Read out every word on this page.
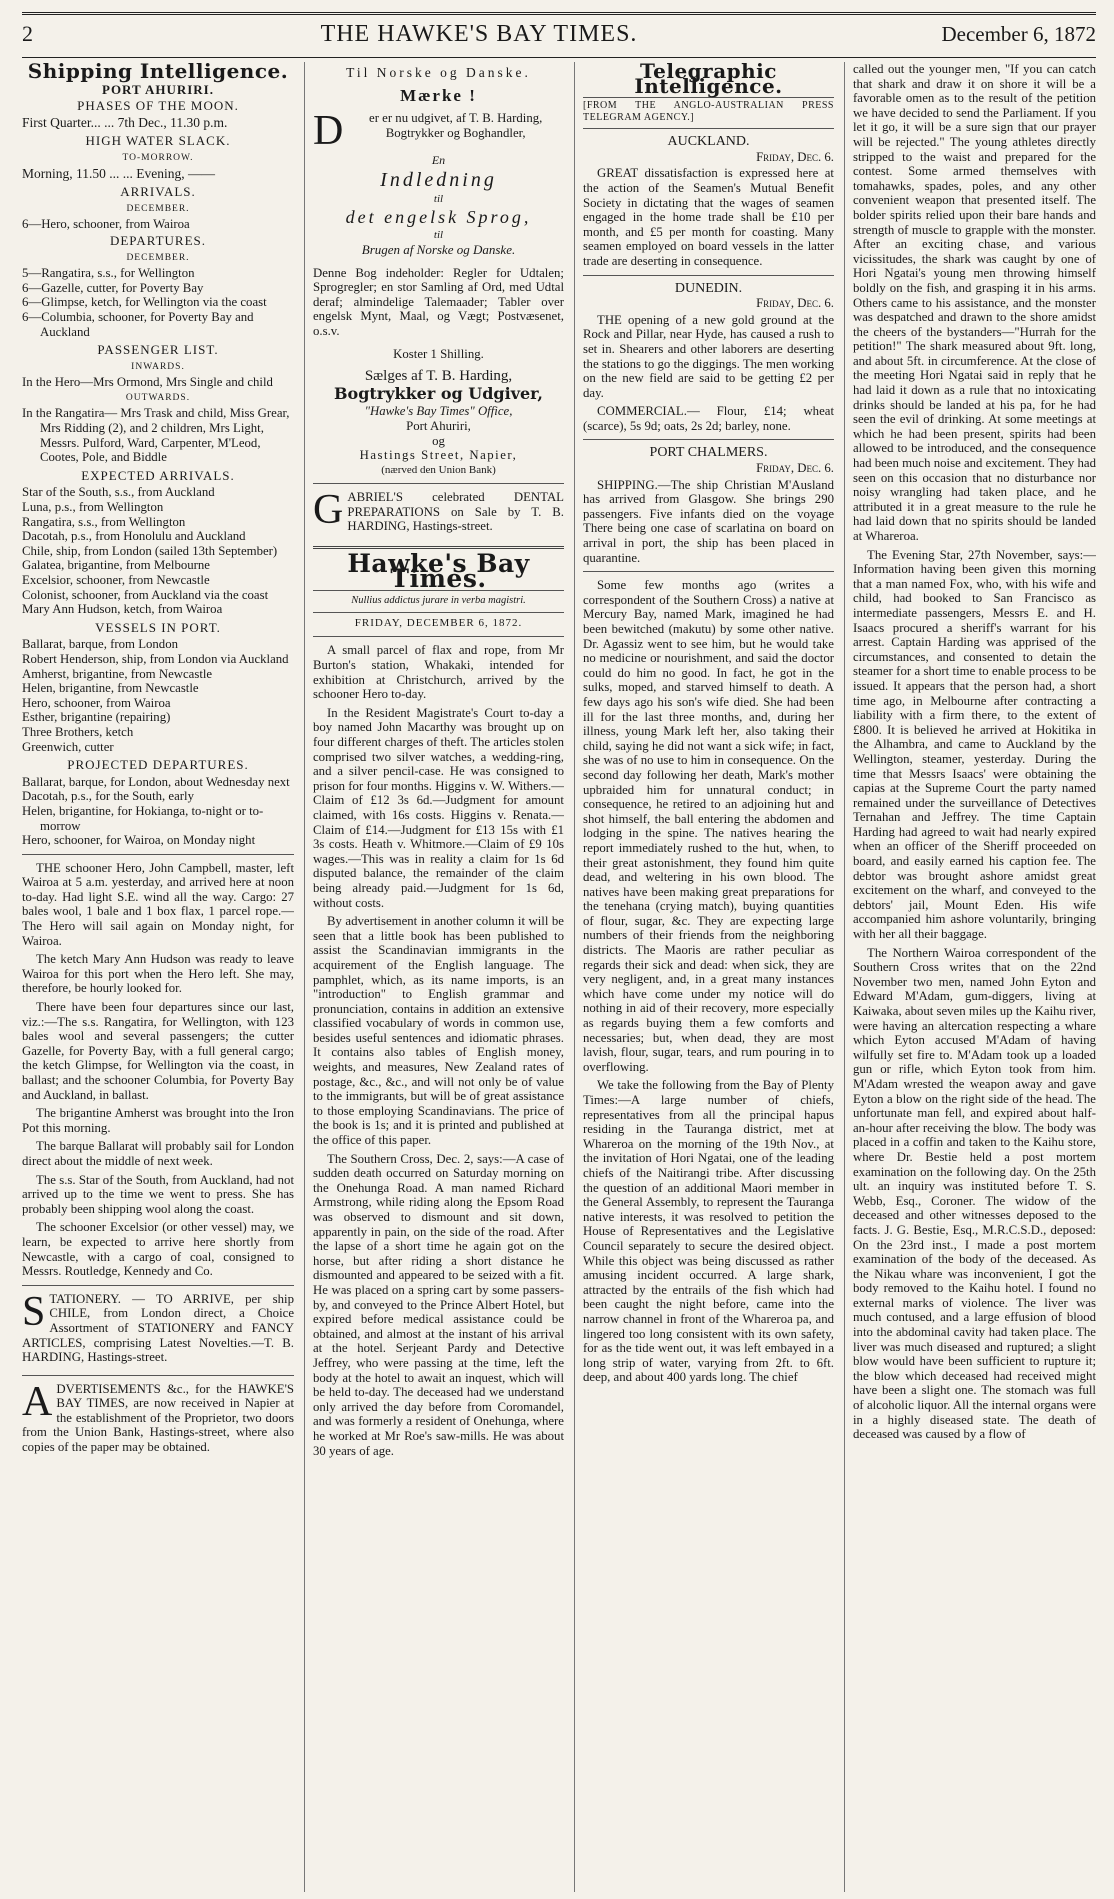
2	THE HAWKE'S BAY TIMES.	December 6, 1872
Shipping Intelligence.
PORT AHURIRI.
PHASES OF THE MOON.

First Quarter... ... 7th Dec., 11.30 p.m.

HIGH WATER SLACK.
TO-MORROW.

Morning, 11.50 ... ... Evening, ——

ARRIVALS.
DECEMBER.

6—Hero, schooner, from Wairoa

DEPARTURES.
DECEMBER.

5—Rangatira, s.s., for Wellington

6—Gazelle, cutter, for Poverty Bay

6—Glimpse, ketch, for Wellington via the coast

6—Columbia, schooner, for Poverty Bay and Auckland

PASSENGER LIST.
INWARDS.

In the Hero—Mrs Ormond, Mrs Single and child

OUTWARDS.

In the Rangatira— Mrs Trask and child, Miss Grear, Mrs Ridding (2), and 2 children, Mrs Light, Messrs. Pulford, Ward, Carpenter, M'Leod, Cootes, Pole, and Biddle

EXPECTED ARRIVALS.

Star of the South, s.s., from Auckland

Luna, p.s., from Wellington

Rangatira, s.s., from Wellington

Dacotah, p.s., from Honolulu and Auckland

Chile, ship, from London (sailed 13th September)

Galatea, brigantine, from Melbourne

Excelsior, schooner, from Newcastle

Colonist, schooner, from Auckland via the coast

Mary Ann Hudson, ketch, from Wairoa

VESSELS IN PORT.

Ballarat, barque, from London

Robert Henderson, ship, from London via Auckland

Amherst, brigantine, from Newcastle

Helen, brigantine, from Newcastle

Hero, schooner, from Wairoa

Esther, brigantine (repairing)

Three Brothers, ketch

Greenwich, cutter

PROJECTED DEPARTURES.

Ballarat, barque, for London, about Wednesday next

Dacotah, p.s., for the South, early

Helen, brigantine, for Hokianga, to-night or to-morrow

Hero, schooner, for Wairoa, on Monday night

THE schooner Hero, John Campbell, master, left Wairoa at 5 a.m. yesterday, and arrived here at noon to-day. Had light S.E. wind all the way. Cargo: 27 bales wool, 1 bale and 1 box flax, 1 parcel rope.—The Hero will sail again on Monday night, for Wairoa.

The ketch Mary Ann Hudson was ready to leave Wairoa for this port when the Hero left. She may, therefore, be hourly looked for.

There have been four departures since our last, viz.:—The s.s. Rangatira, for Wellington, with 123 bales wool and several passengers; the cutter Gazelle, for Poverty Bay, with a full general cargo; the ketch Glimpse, for Wellington via the coast, in ballast; and the schooner Columbia, for Poverty Bay and Auckland, in ballast.

The brigantine Amherst was brought into the Iron Pot this morning.

The barque Ballarat will probably sail for London direct about the middle of next week.

The s.s. Star of the South, from Auckland, had not arrived up to the time we went to press. She has probably been shipping wool along the coast.

The schooner Excelsior (or other vessel) may, we learn, be expected to arrive here shortly from Newcastle, with a cargo of coal, consigned to Messrs. Routledge, Kennedy and Co.

S TATIONERY. — TO ARRIVE, per ship CHILE, from London direct, a Choice Assortment of STATIONERY and FANCY ARTICLES, comprising Latest Novelties.—T. B. HARDING, Hastings-street.

A DVERTISEMENTS &c., for the HAWKE'S BAY TIMES, are now received in Napier at the establishment of the Proprietor, two doors from the Union Bank, Hastings-street, where also copies of the paper may be obtained.

Til Norske og Danske.
Mærke !
D	er er nu udgivet, af T. B. Harding, Bogtrykker og Boghandler,

En
Indledning
til
det engelsk Sprog,
til
Brugen af Norske og Danske.

Denne Bog indeholder: Regler for Udtalen; Sprogregler; en stor Samling af Ord, med Udtal deraf; almindelige Talemaader; Tabler over engelsk Mynt, Maal, og Vægt; Postvæsenet, o.s.v.

Koster 1 Shilling.
Sælges af T. B. Harding,
Bogtrykker og Udgiver,
"Hawke's Bay Times" Office,
Port Ahuriri,
og
Hastings Street, Napier,
(nærved den Union Bank)
G ABRIEL'S celebrated DENTAL PREPARATIONS on Sale by T. B. HARDING, Hastings-street.

Hawke's Bay Times.
Nullius addictus jurare in verba magistri.
FRIDAY, DECEMBER 6, 1872.

A small parcel of flax and rope, from Mr Burton's station, Whakaki, intended for exhibition at Christchurch, arrived by the schooner Hero to-day.

In the Resident Magistrate's Court to-day a boy named John Macarthy was brought up on four different charges of theft. The articles stolen comprised two silver watches, a wedding-ring, and a silver pencil-case. He was consigned to prison for four months. Higgins v. W. Withers.—Claim of £12 3s 6d.—Judgment for amount claimed, with 16s costs. Higgins v. Renata.—Claim of £14.—Judgment for £13 15s with £1 3s costs. Heath v. Whitmore.—Claim of £9 10s wages.—This was in reality a claim for 1s 6d disputed balance, the remainder of the claim being already paid.—Judgment for 1s 6d, without costs.

By advertisement in another column it will be seen that a little book has been published to assist the Scandinavian immigrants in the acquirement of the English language. The pamphlet, which, as its name imports, is an "introduction" to English grammar and pronunciation, contains in addition an extensive classified vocabulary of words in common use, besides useful sentences and idiomatic phrases. It contains also tables of English money, weights, and measures, New Zealand rates of postage, &c., &c., and will not only be of value to the immigrants, but will be of great assistance to those employing Scandinavians. The price of the book is 1s; and it is printed and published at the office of this paper.

The Southern Cross, Dec. 2, says:—A case of sudden death occurred on Saturday morning on the Onehunga Road. A man named Richard Armstrong, while riding along the Epsom Road was observed to dismount and sit down, apparently in pain, on the side of the road. After the lapse of a short time he again got on the horse, but after riding a short distance he dismounted and appeared to be seized with a fit. He was placed on a spring cart by some passers-by, and conveyed to the Prince Albert Hotel, but expired before medical assistance could be obtained, and almost at the instant of his arrival at the hotel. Serjeant Pardy and Detective Jeffrey, who were passing at the time, left the body at the hotel to await an inquest, which will be held to-day. The deceased had we understand only arrived the day before from Coromandel, and was formerly a resident of Onehunga, where he worked at Mr Roe's saw-mills. He was about 30 years of age.

Telegraphic Intelligence.

[FROM THE ANGLO-AUSTRALIAN PRESS TELEGRAM AGENCY.]

AUCKLAND.

Friday, Dec. 6.

GREAT dissatisfaction is expressed here at the action of the Seamen's Mutual Benefit Society in dictating that the wages of seamen engaged in the home trade shall be £10 per month, and £5 per month for coasting. Many seamen employed on board vessels in the latter trade are deserting in consequence.

DUNEDIN.

Friday, Dec. 6.

THE opening of a new gold ground at the Rock and Pillar, near Hyde, has caused a rush to set in. Shearers and other laborers are deserting the stations to go the diggings. The men working on the new field are said to be getting £2 per day.

COMMERCIAL.— Flour, £14; wheat (scarce), 5s 9d; oats, 2s 2d; barley, none.

PORT CHALMERS.

Friday, Dec. 6.

SHIPPING.—The ship Christian M'Ausland has arrived from Glasgow. She brings 290 passengers. Five infants died on the voyage There being one case of scarlatina on board on arrival in port, the ship has been placed in quarantine.

Some few months ago (writes a correspondent of the Southern Cross) a native at Mercury Bay, named Mark, imagined he had been bewitched (makutu) by some other native. Dr. Agassiz went to see him, but he would take no medicine or nourishment, and said the doctor could do him no good. In fact, he got in the sulks, moped, and starved himself to death. A few days ago his son's wife died. She had been ill for the last three months, and, during her illness, young Mark left her, also taking their child, saying he did not want a sick wife; in fact, she was of no use to him in consequence. On the second day following her death, Mark's mother upbraided him for unnatural conduct; in consequence, he retired to an adjoining hut and shot himself, the ball entering the abdomen and lodging in the spine. The natives hearing the report immediately rushed to the hut, when, to their great astonishment, they found him quite dead, and weltering in his own blood. The natives have been making great preparations for the tenehana (crying match), buying quantities of flour, sugar, &c. They are expecting large numbers of their friends from the neighboring districts. The Maoris are rather peculiar as regards their sick and dead: when sick, they are very negligent, and, in a great many instances which have come under my notice will do nothing in aid of their recovery, more especially as regards buying them a few comforts and necessaries; but, when dead, they are most lavish, flour, sugar, tears, and rum pouring in to overflowing.

We take the following from the Bay of Plenty Times:—A large number of chiefs, representatives from all the principal hapus residing in the Tauranga district, met at Whareroa on the morning of the 19th Nov., at the invitation of Hori Ngatai, one of the leading chiefs of the Naitirangi tribe. After discussing the question of an additional Maori member in the General Assembly, to represent the Tauranga native interests, it was resolved to petition the House of Representatives and the Legislative Council separately to secure the desired object. While this object was being discussed as rather amusing incident occurred. A large shark, attracted by the entrails of the fish which had been caught the night before, came into the narrow channel in front of the Whareroa pa, and lingered too long consistent with its own safety, for as the tide went out, it was left embayed in a long strip of water, varying from 2ft. to 6ft. deep, and about 400 yards long. The chief

called out the younger men, "If you can catch that shark and draw it on shore it will be a favorable omen as to the result of the petition we have decided to send the Parliament. If you let it go, it will be a sure sign that our prayer will be rejected." The young athletes directly stripped to the waist and prepared for the contest. Some armed themselves with tomahawks, spades, poles, and any other convenient weapon that presented itself. The bolder spirits relied upon their bare hands and strength of muscle to grapple with the monster. After an exciting chase, and various vicissitudes, the shark was caught by one of Hori Ngatai's young men throwing himself boldly on the fish, and grasping it in his arms. Others came to his assistance, and the monster was despatched and drawn to the shore amidst the cheers of the bystanders—"Hurrah for the petition!" The shark measured about 9ft. long, and about 5ft. in circumference. At the close of the meeting Hori Ngatai said in reply that he had laid it down as a rule that no intoxicating drinks should be landed at his pa, for he had seen the evil of drinking. At some meetings at which he had been present, spirits had been allowed to be introduced, and the consequence had been much noise and excitement. They had seen on this occasion that no disturbance nor noisy wrangling had taken place, and he attributed it in a great measure to the rule he had laid down that no spirits should be landed at Whareroa.

The Evening Star, 27th November, says:—Information having been given this morning that a man named Fox, who, with his wife and child, had booked to San Francisco as intermediate passengers, Messrs E. and H. Isaacs procured a sheriff's warrant for his arrest. Captain Harding was apprised of the circumstances, and consented to detain the steamer for a short time to enable process to be issued. It appears that the person had, a short time ago, in Melbourne after contracting a liability with a firm there, to the extent of £800. It is believed he arrived at Hokitika in the Alhambra, and came to Auckland by the Wellington, steamer, yesterday. During the time that Messrs Isaacs' were obtaining the capias at the Supreme Court the party named remained under the surveillance of Detectives Ternahan and Jeffrey. The time Captain Harding had agreed to wait had nearly expired when an officer of the Sheriff proceeded on board, and easily earned his caption fee. The debtor was brought ashore amidst great excitement on the wharf, and conveyed to the debtors' jail, Mount Eden. His wife accompanied him ashore voluntarily, bringing with her all their baggage.

The Northern Wairoa correspondent of the Southern Cross writes that on the 22nd November two men, named John Eyton and Edward M'Adam, gum-diggers, living at Kaiwaka, about seven miles up the Kaihu river, were having an altercation respecting a whare which Eyton accused M'Adam of having wilfully set fire to. M'Adam took up a loaded gun or rifle, which Eyton took from him. M'Adam wrested the weapon away and gave Eyton a blow on the right side of the head. The unfortunate man fell, and expired about half-an-hour after receiving the blow. The body was placed in a coffin and taken to the Kaihu store, where Dr. Bestie held a post mortem examination on the following day. On the 25th ult. an inquiry was instituted before T. S. Webb, Esq., Coroner. The widow of the deceased and other witnesses deposed to the facts. J. G. Bestie, Esq., M.R.C.S.D., deposed: On the 23rd inst., I made a post mortem examination of the body of the deceased. As the Nikau whare was inconvenient, I got the body removed to the Kaihu hotel. I found no external marks of violence. The liver was much contused, and a large effusion of blood into the abdominal cavity had taken place. The liver was much diseased and ruptured; a slight blow would have been sufficient to rupture it; the blow which deceased had received might have been a slight one. The stomach was full of alcoholic liquor. All the internal organs were in a highly diseased state. The death of deceased was caused by a flow of
